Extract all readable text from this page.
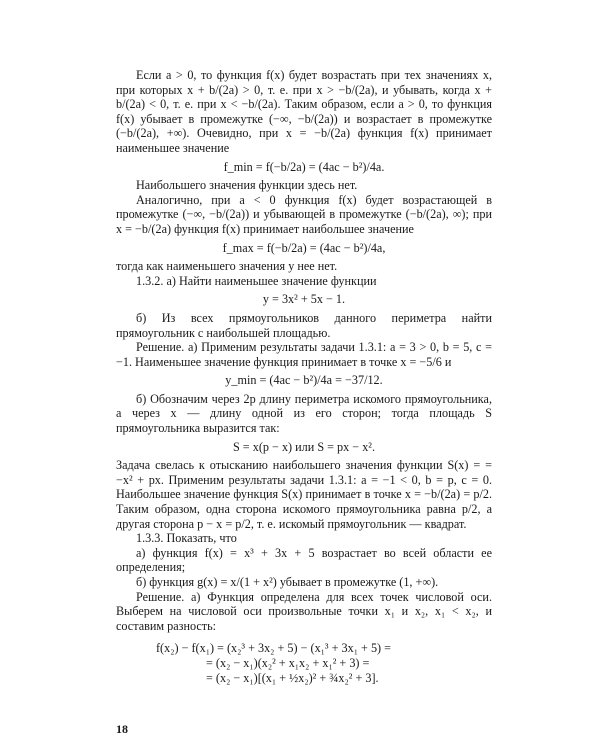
Если a > 0, то функция f(x) будет возрастать при тех значениях x, при которых x + b/(2a) > 0, т. е. при x > −b/(2a), и убывать, когда x + b/(2a) < 0, т. е. при x < −b/(2a). Таким образом, если a > 0, то функция f(x) убывает в промежутке (−∞, −b/(2a)) и возрастает в промежутке (−b/(2a), +∞). Очевидно, при x = −b/(2a) функция f(x) принимает наименьшее значение

f_min = f(−b/2a) = (4ac − b²)/4a.

Наибольшего значения функции здесь нет.

Аналогично, при a < 0 функция f(x) будет возрастающей в промежутке (−∞, −b/(2a)) и убывающей в промежутке (−b/(2a), ∞); при x = −b/(2a) функция f(x) принимает наибольшее значение

f_max = f(−b/2a) = (4ac − b²)/4a,

тогда как наименьшего значения у нее нет.

1.3.2. а) Найти наименьшее значение функции

y = 3x² + 5x − 1.

б) Из всех прямоугольников данного периметра найти прямоугольник с наибольшей площадью.

Решение. а) Применим результаты задачи 1.3.1: a = 3 > 0, b = 5, c = −1. Наименьшее значение функция принимает в точке x = −5/6 и

y_min = (4ac − b²)/4a = −37/12.

б) Обозначим через 2p длину периметра искомого прямоугольника, а через x — длину одной из его сторон; тогда площадь S прямоугольника выразится так:

S = x(p − x) или S = px − x².

Задача свелась к отысканию наибольшего значения функции S(x) = = −x² + px. Применим результаты задачи 1.3.1: a = −1 < 0, b = p, c = 0. Наибольшее значение функция S(x) принимает в точке x = −b/(2a) = p/2. Таким образом, одна сторона искомого прямоугольника равна p/2, а другая сторона p − x = p/2, т. е. искомый прямоугольник — квадрат.

1.3.3. Показать, что

а) функция f(x) = x³ + 3x + 5 возрастает во всей области ее определения;

б) функция g(x) = x/(1 + x²) убывает в промежутке (1, +∞).

Решение. а) Функция определена для всех точек числовой оси. Выберем на числовой оси произвольные точки x₁ и x₂, x₁ < x₂, и составим разность:

f(x₂) − f(x₁) = (x₂³ + 3x₂ + 5) − (x₁³ + 3x₁ + 5) =
= (x₂ − x₁)(x₂² + x₁x₂ + x₁² + 3) =
= (x₂ − x₁)[(x₁ + ½x₂)² + ¾x₂² + 3].
18
